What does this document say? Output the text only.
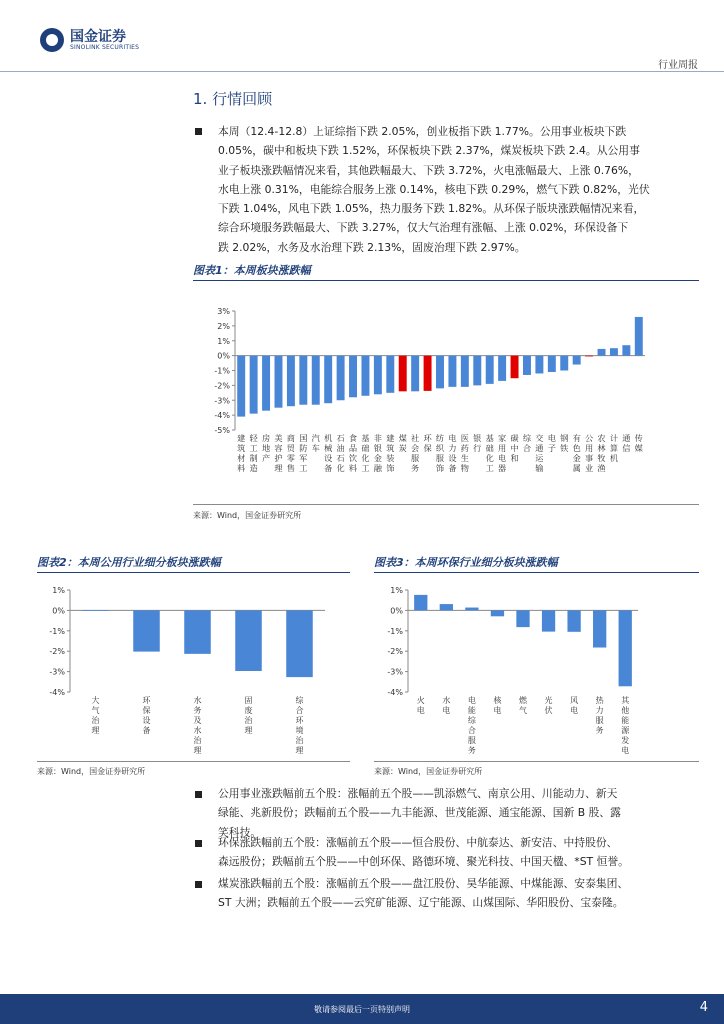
国金证券
SINOLINK SECURITIES
行业周报
1. 行情回顾
本周（12.4-12.8）上证综指下跌 2.05%，创业板指下跌 1.77%。公用事业板块下跌
0.05%，碳中和板块下跌 1.52%，环保板块下跌 2.37%，煤炭板块下跌 2.4。从公用事
业子板块涨跌幅情况来看，其他跌幅最大、下跌 3.72%，火电涨幅最大、上涨 0.76%，
水电上涨 0.31%，电能综合服务上涨 0.14%，核电下跌 0.29%，燃气下跌 0.82%，光伏
下跌 1.04%，风电下跌 1.05%，热力服务下跌 1.82%。从环保子版块涨跌幅情况来看，
综合环境服务跌幅最大、下跌 3.27%，仅大气治理有涨幅、上涨 0.02%，环保设备下
跌 2.02%，水务及水治理下跌 2.13%，固废治理下跌 2.97%。
图表1：本周板块涨跌幅
3%
2%
1%
0%
-1%
-2%
-3%
-4%
-5%
建
筑
材
料
轻
工
制
造
房
地
产
美
容
护
理
商
贸
零
售
国
防
军
工
汽
车
机
械
设
备
石
油
石
化
食
品
饮
料
基
础
化
工
非
银
金
融
建
筑
装
饰
煤
炭
社
会
服
务
环
保
纺
织
服
饰
电
力
设
备
医
药
生
物
银
行
基
础
化
工
家
用
电
器
碳
中
和
综
合
交
通
运
输
电
子
钢
铁
有
色
金
属
公
用
事
业
农
林
牧
渔
计
算
机
通
信
传
媒
来源：Wind，国金证券研究所
图表2：本周公用行业细分板块涨跌幅
1%
0%
-1%
-2%
-3%
-4%
大
气
治
理
环
保
设
备
水
务
及
水
治
理
固
废
治
理
综
合
环
境
治
理
来源：Wind，国金证券研究所
图表3：本周环保行业细分板块涨跌幅
1%
0%
-1%
-2%
-3%
-4%
火
电
水
电
电
能
综
合
服
务
核
电
燃
气
光
伏
风
电
热
力
服
务
其
他
能
源
发
电
来源：Wind，国金证券研究所
公用事业涨跌幅前五个股：涨幅前五个股——凯添燃气、南京公用、川能动力、新天
绿能、兆新股份；跌幅前五个股——九丰能源、世茂能源、通宝能源、国新 B 股、露
笑科技。
环保涨跌幅前五个股：涨幅前五个股——恒合股份、中航泰达、新安洁、中持股份、
森远股份；跌幅前五个股——中创环保、路德环境、聚光科技、中国天楹、*ST 恒誉。
煤炭涨跌幅前五个股：涨幅前五个股——盘江股份、昊华能源、中煤能源、安泰集团、
ST 大洲；跌幅前五个股——云究矿能源、辽宁能源、山煤国际、华阳股份、宝泰隆。
敬请参阅最后一页特别声明	4
